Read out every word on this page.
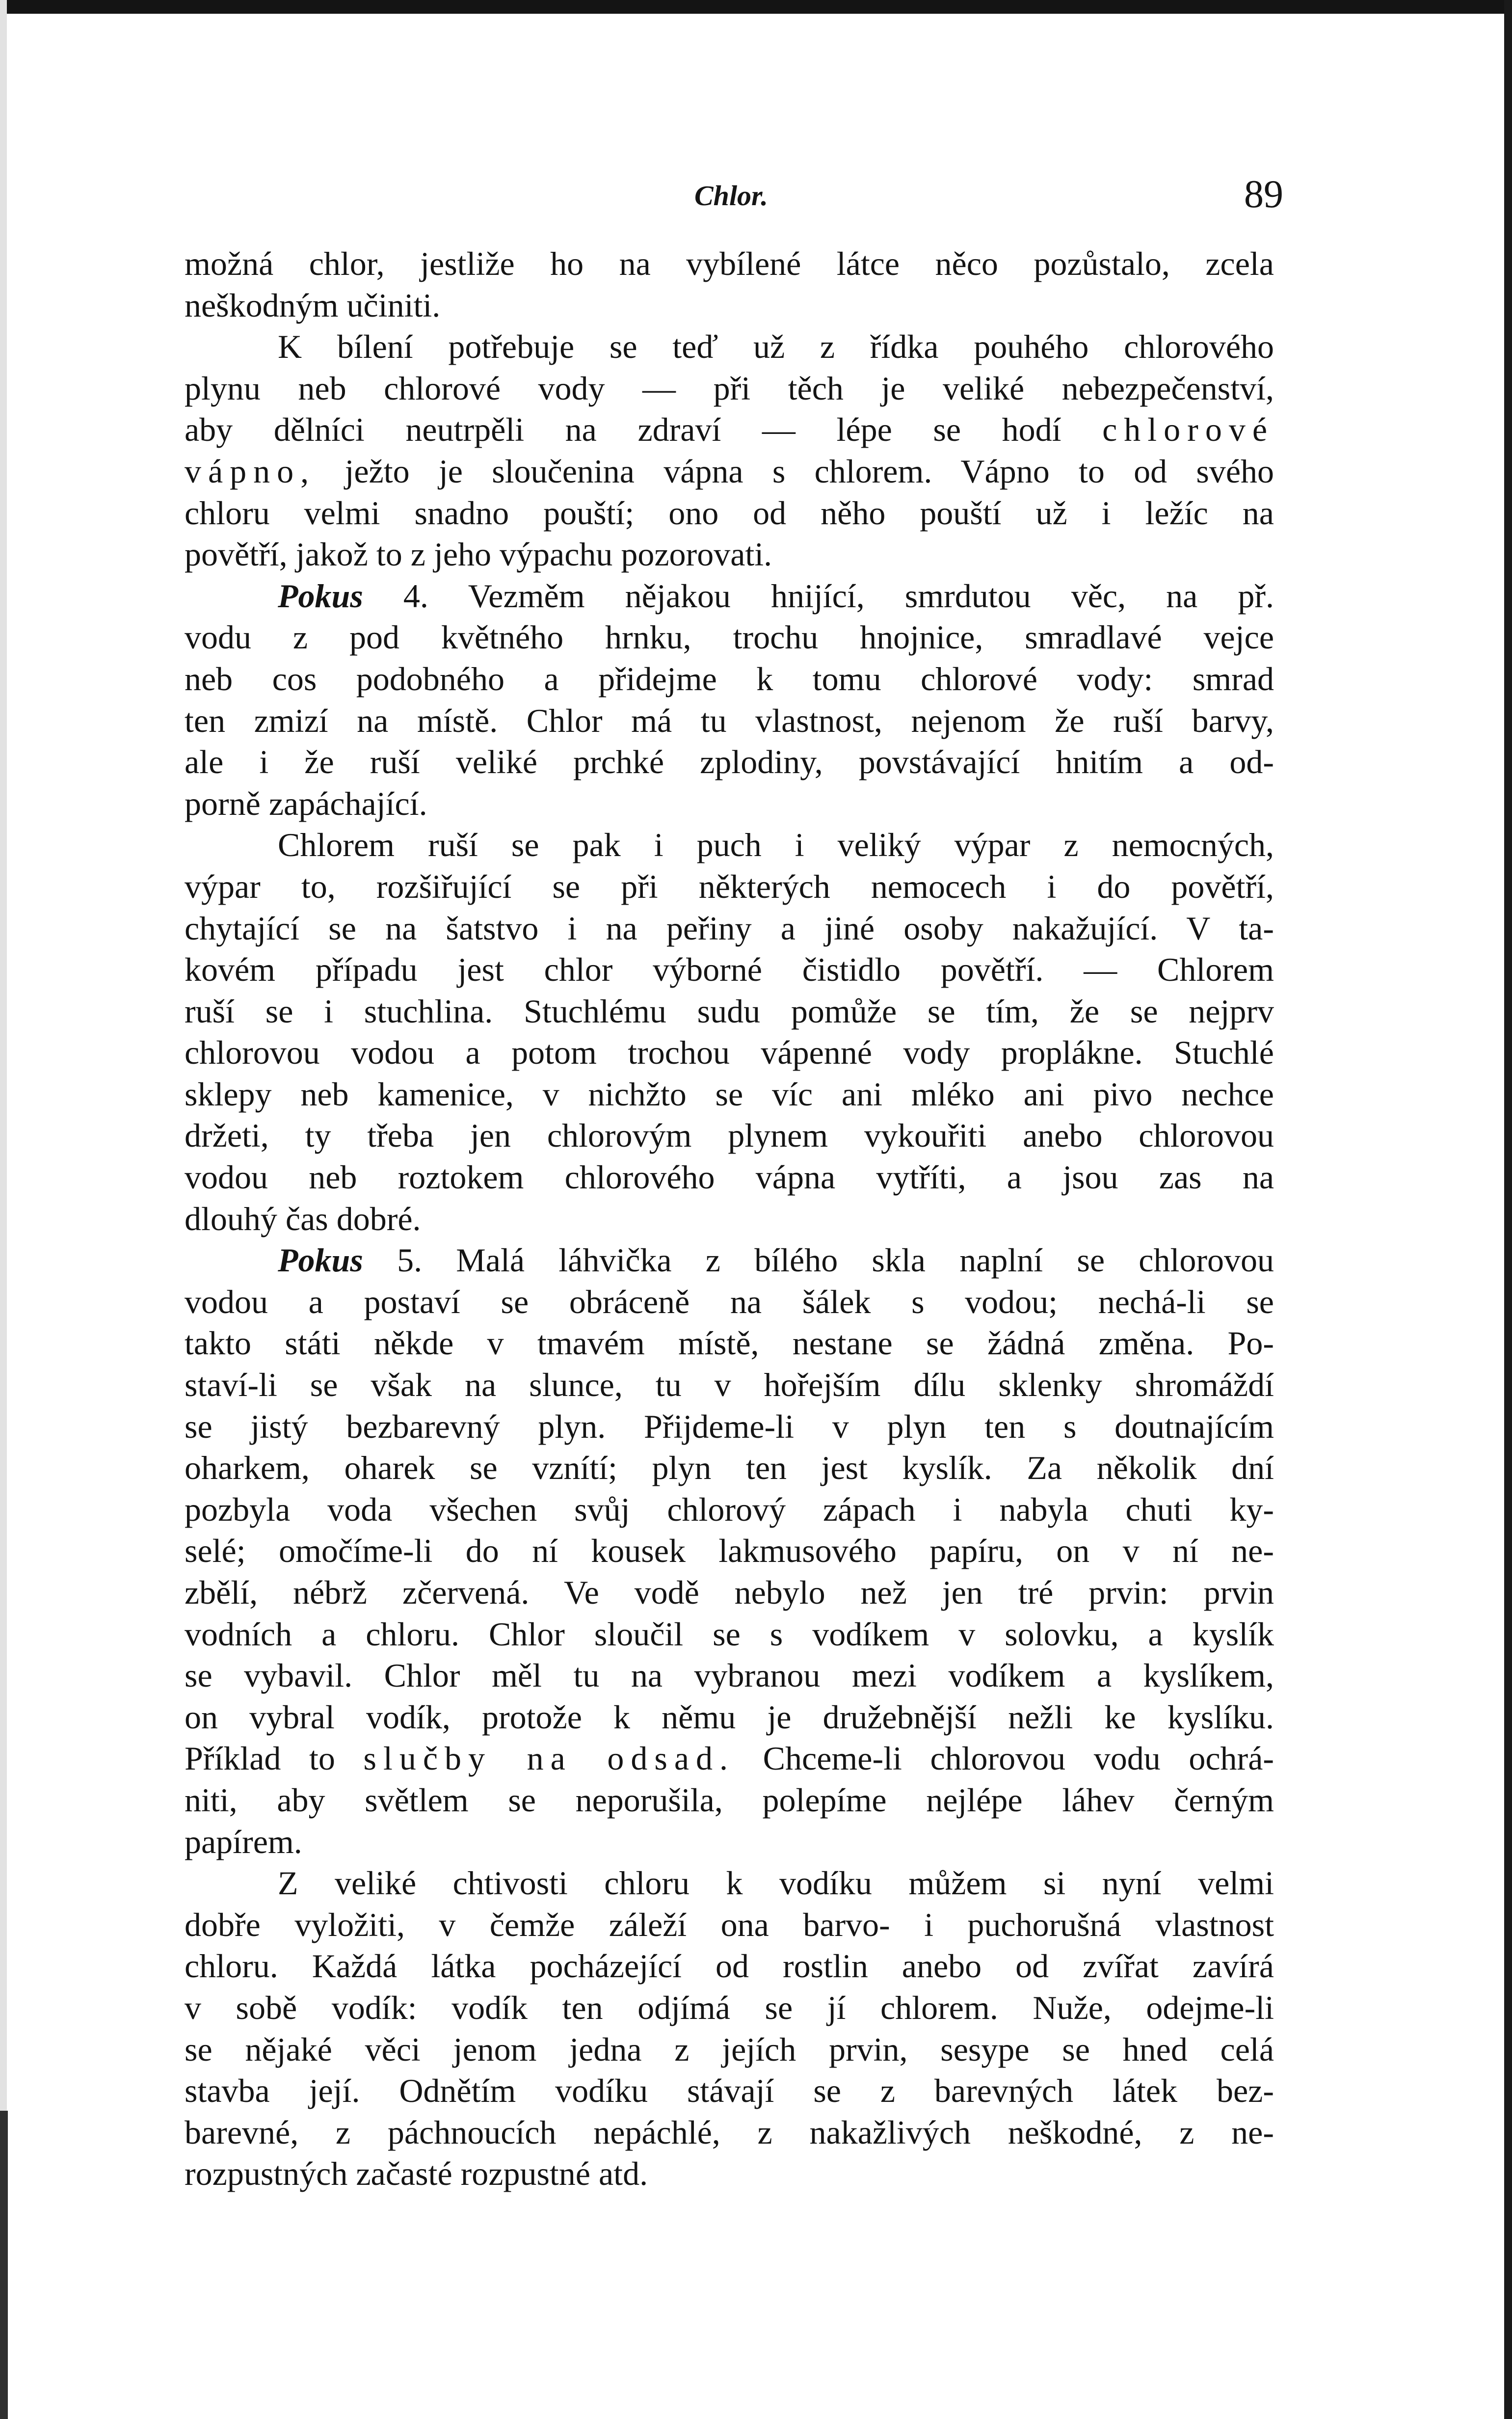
Chlor.	89

možná chlor, jestliže ho na vybílené látce něco pozůstalo, zcela

neškodným učiniti.

K bílení potřebuje se teď už z řídka pouhého chlorového

plynu neb chlorové vody — při těch je veliké nebezpečenství,

aby dělníci neutrpěli na zdraví — lépe se hodí chlorové

vápno, ježto je sloučenina vápna s chlorem. Vápno to od svého

chloru velmi snadno pouští; ono od něho pouští už i ležíc na

povětří, jakož to z jeho výpachu pozorovati.

Pokus 4. Vezměm nějakou hnijící, smrdutou věc, na př.

vodu z pod květného hrnku, trochu hnojnice, smradlavé vejce

neb cos podobného a přidejme k tomu chlorové vody: smrad

ten zmizí na místě. Chlor má tu vlastnost, nejenom že ruší barvy,

ale i že ruší veliké prchké zplodiny, povstávající hnitím a od-

porně zapáchající.

Chlorem ruší se pak i puch i veliký výpar z nemocných,

výpar to, rozšiřující se při některých nemocech i do povětří,

chytající se na šatstvo i na peřiny a jiné osoby nakažující. V ta-

kovém případu jest chlor výborné čistidlo povětří. — Chlorem

ruší se i stuchlina. Stuchlému sudu pomůže se tím, že se nejprv

chlorovou vodou a potom trochou vápenné vody propláknе. Stuchlé

sklepy neb kamenice, v nichžto se víc ani mléko ani pivo nechce

držeti, ty třeba jen chlorovým plynem vykouřiti anebo chlorovou

vodou neb roztokem chlorového vápna vytříti, a jsou zas na

dlouhý čas dobré.

Pokus 5. Malá láhvička z bílého skla naplní se chlorovou

vodou a postaví se obráceně na šálek s vodou; nechá-li se

takto státi někde v tmavém místě, nestane se žádná změna. Po-

staví-li se však na slunce, tu v hořejším dílu sklenky shromáždí

se jistý bezbarevný plyn. Přijdeme-li v plyn ten s doutnajícím

oharkem, oharek se vznítí; plyn ten jest kyslík. Za několik dní

pozbyla voda všechen svůj chlorový zápach i nabyla chuti ky-

selé; omočíme-li do ní kousek lakmusového papíru, on v ní ne-

zbělí, nébrž zčervená. Ve vodě nebylo než jen tré prvin: prvin

vodních a chloru. Chlor sloučil se s vodíkem v solovku, a kyslík

se vybavil. Chlor měl tu na vybranou mezi vodíkem a kyslíkem,

on vybral vodík, protože k němu je družebnější nežli ke kyslíku.

Příklad to slučby na odsad. Chceme-li chlorovou vodu ochrá-

niti, aby světlem se neporušila, polepíme nejlépe láhev černým

papírem.

Z veliké chtivosti chloru k vodíku můžem si nyní velmi

dobře vyložiti, v čemže záleží ona barvo- i puchorušná vlastnost

chloru. Každá látka pocházející od rostlin anebo od zvířat zavírá

v sobě vodík: vodík ten odjímá se jí chlorem. Nuže, odejme-li

se nějaké věci jenom jedna z jejích prvin, sesype se hned celá

stavba její. Odnětím vodíku stávají se z barevných látek bez-

barevné, z páchnoucích nepáchlé, z nakažlivých neškodné, z ne-

rozpustných začasté rozpustné atd.
